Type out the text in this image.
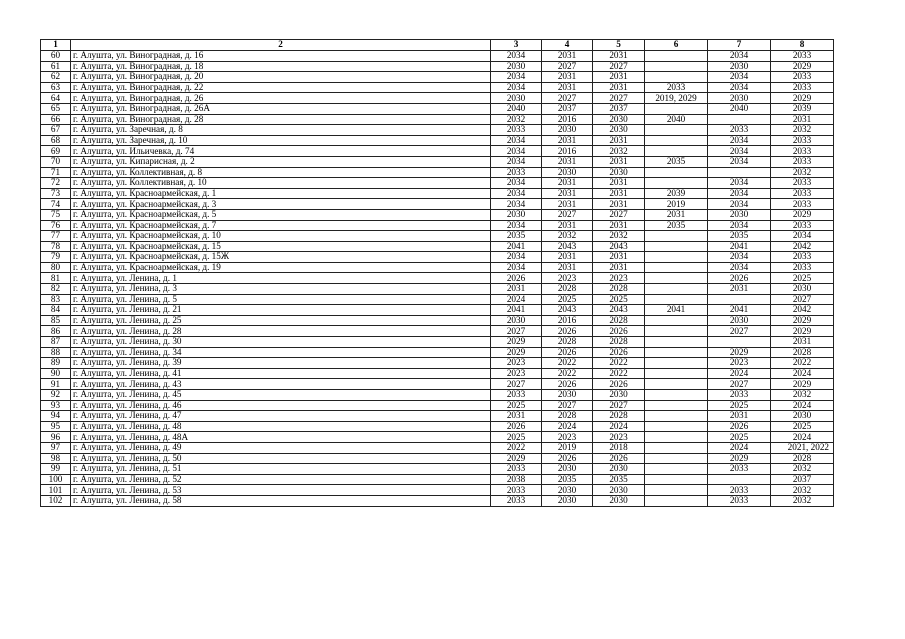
1	2	3	4	5	6	7	8
60	г. Алушта, ул. Виноградная, д. 16	2034	2031	2031		2034	2033
61	г. Алушта, ул. Виноградная, д. 18	2030	2027	2027		2030	2029
62	г. Алушта, ул. Виноградная, д. 20	2034	2031	2031		2034	2033
63	г. Алушта, ул. Виноградная, д. 22	2034	2031	2031	2033	2034	2033
64	г. Алушта, ул. Виноградная, д. 26	2030	2027	2027	2019, 2029	2030	2029
65	г. Алушта, ул. Виноградная, д. 26А	2040	2037	2037		2040	2039
66	г. Алушта, ул. Виноградная, д. 28	2032	2016	2030	2040		2031
67	г. Алушта, ул. Заречная, д. 8	2033	2030	2030		2033	2032
68	г. Алушта, ул. Заречная, д. 10	2034	2031	2031		2034	2033
69	г. Алушта, ул. Ильичевка, д. 74	2034	2016	2032		2034	2033
70	г. Алушта, ул. Кипарисная, д. 2	2034	2031	2031	2035	2034	2033
71	г. Алушта, ул. Коллективная, д. 8	2033	2030	2030			2032
72	г. Алушта, ул. Коллективная, д. 10	2034	2031	2031		2034	2033
73	г. Алушта, ул. Красноармейская, д. 1	2034	2031	2031	2039	2034	2033
74	г. Алушта, ул. Красноармейская, д. 3	2034	2031	2031	2019	2034	2033
75	г. Алушта, ул. Красноармейская, д. 5	2030	2027	2027	2031	2030	2029
76	г. Алушта, ул. Красноармейская, д. 7	2034	2031	2031	2035	2034	2033
77	г. Алушта, ул. Красноармейская, д. 10	2035	2032	2032		2035	2034
78	г. Алушта, ул. Красноармейская, д. 15	2041	2043	2043		2041	2042
79	г. Алушта, ул. Красноармейская, д. 15Ж	2034	2031	2031		2034	2033
80	г. Алушта, ул. Красноармейская, д. 19	2034	2031	2031		2034	2033
81	г. Алушта, ул. Ленина, д. 1	2026	2023	2023		2026	2025
82	г. Алушта, ул. Ленина, д. 3	2031	2028	2028		2031	2030
83	г. Алушта, ул. Ленина, д. 5	2024	2025	2025			2027
84	г. Алушта, ул. Ленина, д. 21	2041	2043	2043	2041	2041	2042
85	г. Алушта, ул. Ленина, д. 25	2030	2016	2028		2030	2029
86	г. Алушта, ул. Ленина, д. 28	2027	2026	2026		2027	2029
87	г. Алушта, ул. Ленина, д. 30	2029	2028	2028			2031
88	г. Алушта, ул. Ленина, д. 34	2029	2026	2026		2029	2028
89	г. Алушта, ул. Ленина, д. 39	2023	2022	2022		2023	2022
90	г. Алушта, ул. Ленина, д. 41	2023	2022	2022		2024	2024
91	г. Алушта, ул. Ленина, д. 43	2027	2026	2026		2027	2029
92	г. Алушта, ул. Ленина, д. 45	2033	2030	2030		2033	2032
93	г. Алушта, ул. Ленина, д. 46	2025	2027	2027		2025	2024
94	г. Алушта, ул. Ленина, д. 47	2031	2028	2028		2031	2030
95	г. Алушта, ул. Ленина, д. 48	2026	2024	2024		2026	2025
96	г. Алушта, ул. Ленина, д. 48А	2025	2023	2023		2025	2024
97	г. Алушта, ул. Ленина, д. 49	2022	2019	2018		2024	2021, 2022
98	г. Алушта, ул. Ленина, д. 50	2029	2026	2026		2029	2028
99	г. Алушта, ул. Ленина, д. 51	2033	2030	2030		2033	2032
100	г. Алушта, ул. Ленина, д. 52	2038	2035	2035			2037
101	г. Алушта, ул. Ленина, д. 53	2033	2030	2030		2033	2032
102	г. Алушта, ул. Ленина, д. 58	2033	2030	2030		2033	2032
